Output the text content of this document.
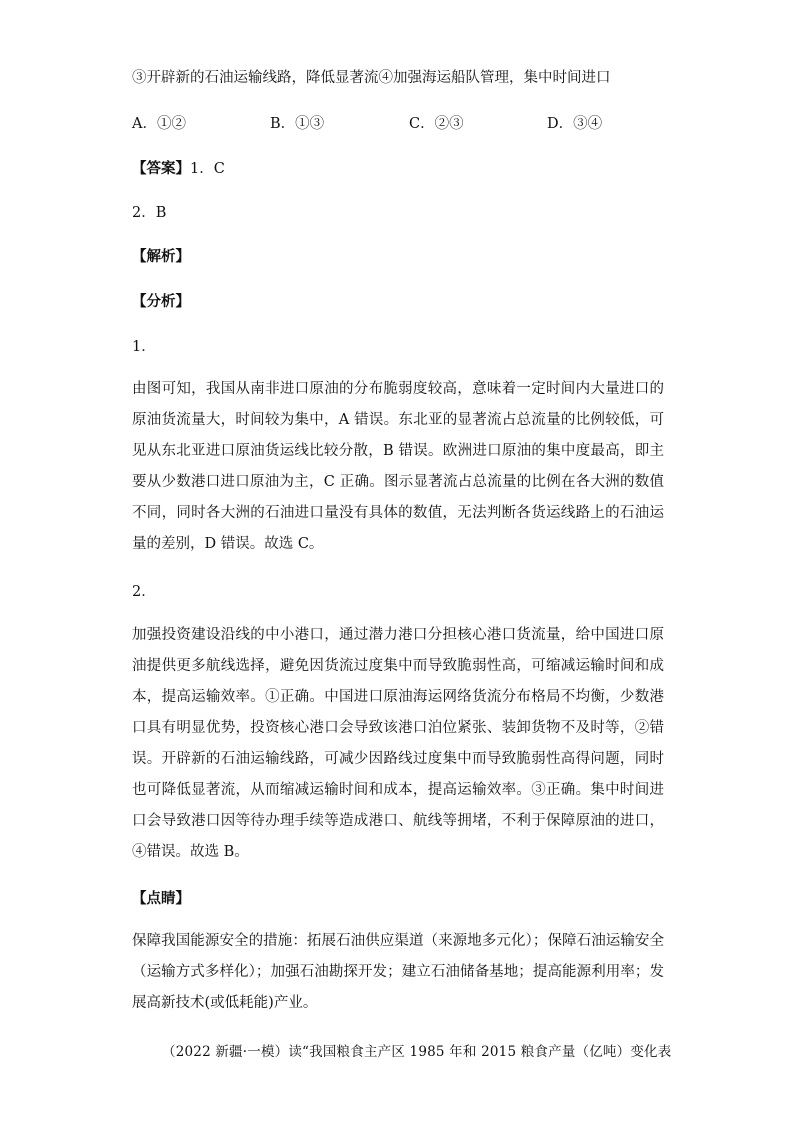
③开辟新的石油运输线路，降低显著流④加强海运船队管理，集中时间进口
A．①②	B．①③	C．②③	D．③④
【答案】1．C
2．B
【解析】
【分析】
1．
由图可知，我国从南非进口原油的分布脆弱度较高，意味着一定时间内大量进口的原油货流量大，时间较为集中，A 错误。东北亚的显著流占总流量的比例较低，可见从东北亚进口原油货运线比较分散，B 错误。欧洲进口原油的集中度最高，即主要从少数港口进口原油为主，C 正确。图示显著流占总流量的比例在各大洲的数值不同，同时各大洲的石油进口量没有具体的数值，无法判断各货运线路上的石油运量的差别，D 错误。故选 C。
2．
加强投资建设沿线的中小港口，通过潜力港口分担核心港口货流量，给中国进口原油提供更多航线选择，避免因货流过度集中而导致脆弱性高，可缩减运输时间和成本，提高运输效率。①正确。中国进口原油海运网络货流分布格局不均衡，少数港口具有明显优势，投资核心港口会导致该港口泊位紧张、装卸货物不及时等，②错误。开辟新的石油运输线路，可减少因路线过度集中而导致脆弱性高得问题，同时也可降低显著流，从而缩减运输时间和成本，提高运输效率。③正确。集中时间进口会导致港口因等待办理手续等造成港口、航线等拥堵，不利于保障原油的进口，④错误。故选 B。
【点睛】
保障我国能源安全的措施：拓展石油供应渠道（来源地多元化）；保障石油运输安全（运输方式多样化）；加强石油勘探开发；建立石油储备基地；提高能源利用率；发展高新技术(或低耗能)产业。
（2022 新疆·一模）读“我国粮食主产区 1985 年和 2015 粮食产量（亿吨）变化表
